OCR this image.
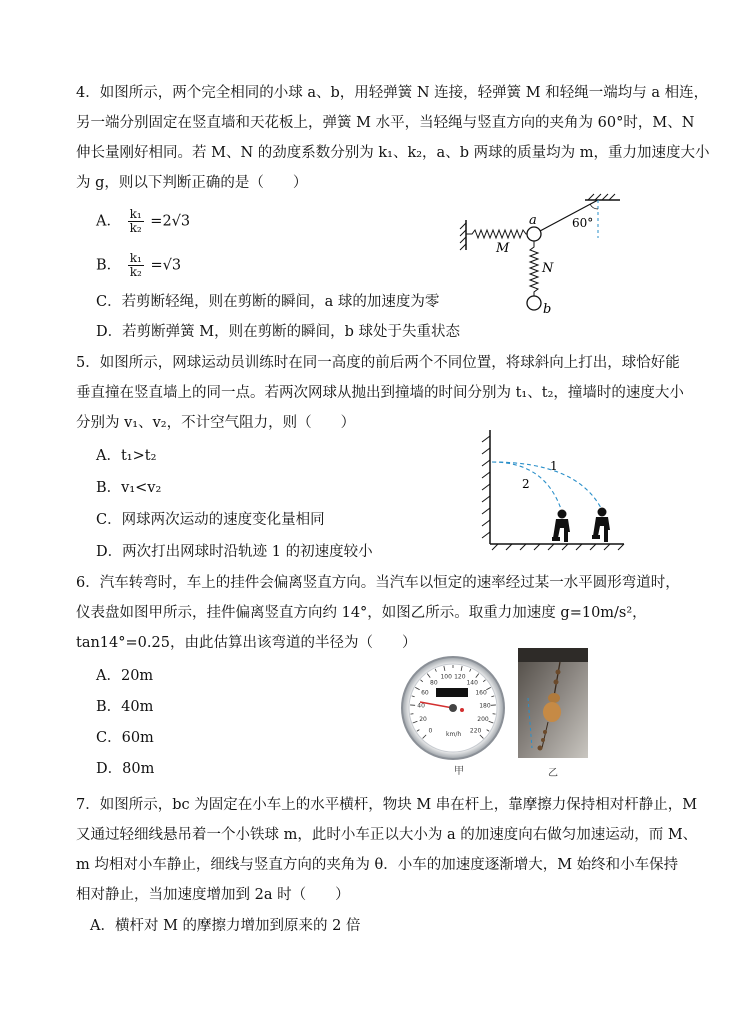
4．如图所示，两个完全相同的小球 a、b，用轻弹簧 N 连接，轻弹簧 M 和轻绳一端均与 a 相连，
另一端分别固定在竖直墙和天花板上，弹簧 M 水平，当轻绳与竖直方向的夹角为 60°时，M、N
伸长量刚好相同。若 M、N 的劲度系数分别为 k₁、k₂，a、b 两球的质量均为 m，重力加速度大小
为 g，则以下判断正确的是（　　）
A． $\frac{\text{k₁}}{\text{k₂}} =2√3$
B． $\frac{\text{k₁}}{\text{k₂}} =√3$
C．若剪断轻绳，则在剪断的瞬间，a 球的加速度为零
D．若剪断弹簧 M，则在剪断的瞬间，b 球处于失重状态
a
M
N
b
60°
5．如图所示，网球运动员训练时在同一高度的前后两个不同位置，将球斜向上打出，球恰好能
垂直撞在竖直墙上的同一点。若两次网球从抛出到撞墙的时间分别为 t₁、t₂，撞墙时的速度大小
分别为 v₁、v₂，不计空气阻力，则（　　）
A．t₁>t₂
B．v₁<v₂
C．网球两次运动的速度变化量相同
D．两次打出网球时沿轨迹 1 的初速度较小
1
2
6．汽车转弯时，车上的挂件会偏离竖直方向。当汽车以恒定的速率经过某一水平圆形弯道时，
仪表盘如图甲所示，挂件偏离竖直方向约 14°，如图乙所示。取重力加速度 g=10m/s²，
tan14°=0.25，由此估算出该弯道的半径为（　　）
A．20m
B．40m
C．60m
D．80m
0
20
40
60
80
100 120
140
160
180
200
220
km/h
甲	乙
7．如图所示，bc 为固定在小车上的水平横杆，物块 M 串在杆上，靠摩擦力保持相对杆静止，M
又通过轻细线悬吊着一个小铁球 m，此时小车正以大小为 a 的加速度向右做匀加速运动，而 M、
m 均相对小车静止，细线与竖直方向的夹角为 θ．小车的加速度逐渐增大，M 始终和小车保持
相对静止，当加速度增加到 2a 时（　　）
A．横杆对 M 的摩擦力增加到原来的 2 倍
